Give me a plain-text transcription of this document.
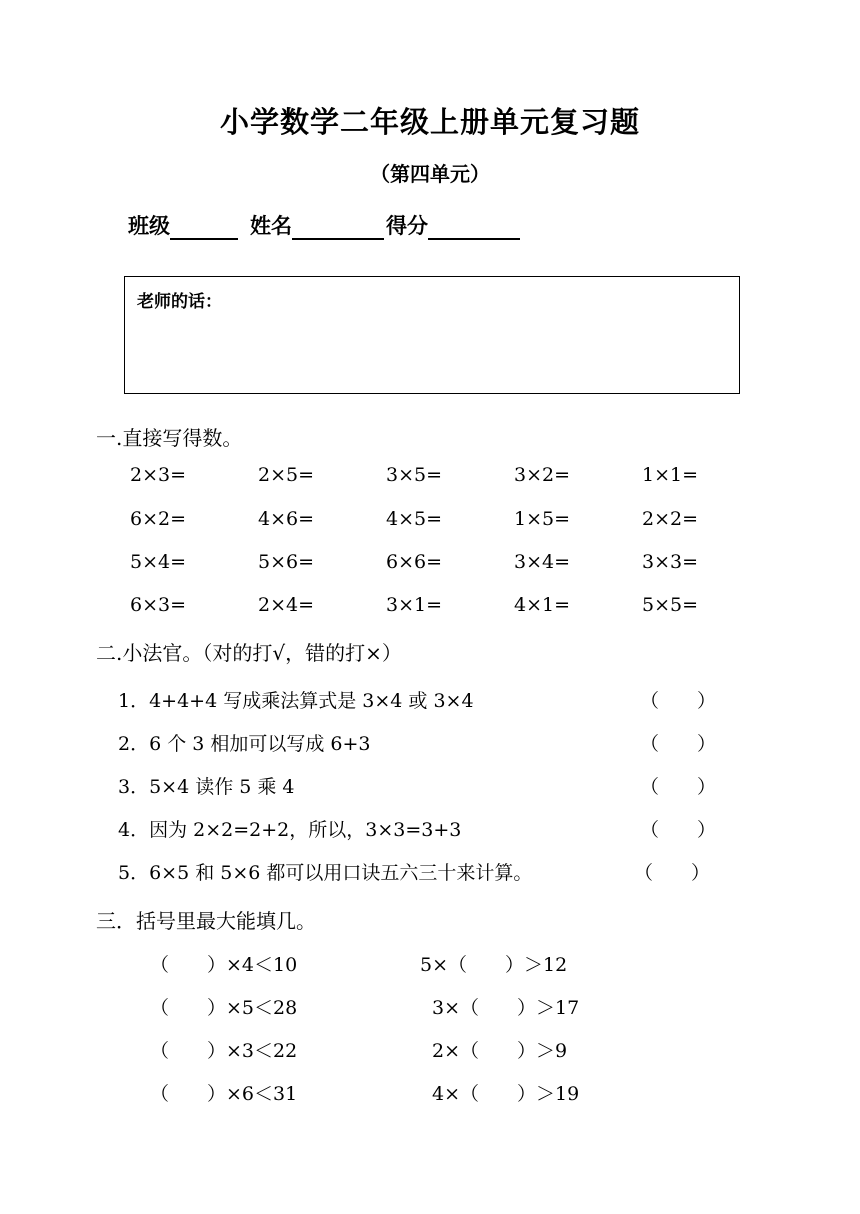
小学数学二年级上册单元复习题
（第四单元）
班级	姓名	得分
老师的话：
一.直接写得数。
2×3=	2×5=	3×5=	3×2=	1×1=
6×2=	4×6=	4×5=	1×5=	2×2=
5×4=	5×6=	6×6=	3×4=	3×3=
6×3=	2×4=	3×1=	4×1=	5×5=
二.小法官。（对的打√，错的打×）
1．4+4+4 写成乘法算式是 3×4 或 3×4	（　　）
2．6 个 3 相加可以写成 6+3	（　　）
3．5×4 读作 5 乘 4	（　　）
4．因为 2×2=2+2，所以，3×3=3+3	（　　）
5．6×5 和 5×6 都可以用口诀五六三十来计算。	（　　）
三．括号里最大能填几。
（　　）×4＜10	5×（　　）＞12
（　　）×5＜28	3×（　　）＞17
（　　）×3＜22	2×（　　）＞9
（　　）×6＜31	4×（　　）＞19
